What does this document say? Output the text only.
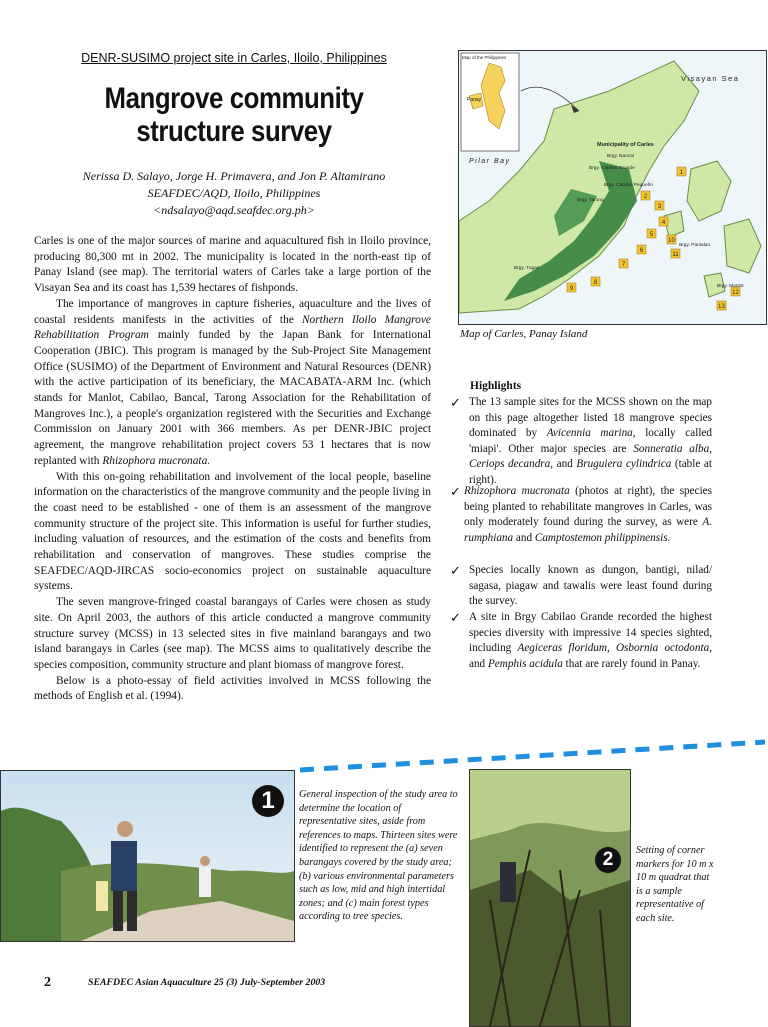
DENR-SUSIMO project site in Carles, Iloilo, Philippines
Mangrove community
structure survey
Nerissa D. Salayo, Jorge H. Primavera, and Jon P. Altamirano
SEAFDEC/AQD, Iloilo, Philippines
<ndsalayo@aqd.seafdec.org.ph>

Carles is one of the major sources of marine and aquacultured fish in Iloilo province, producing 80,300 mt in 2002. The municipality is located in the north-east tip of Panay Island (see map). The territorial waters of Carles take a large portion of the Visayan Sea and its coast has 1,539 hectares of fishponds.

The importance of mangroves in capture fisheries, aquaculture and the lives of coastal residents manifests in the activities of the Northern Iloilo Mangrove Rehabilitation Program mainly funded by the Japan Bank for International Cooperation (JBIC). This program is managed by the Sub-Project Site Management Office (SUSIMO) of the Department of Environment and Natural Resources (DENR) with the active participation of its beneficiary, the MACABATA-ARM Inc. (which stands for Manlot, Cabilao, Bancal, Tarong Association for the Rehabilitation of Mangroves Inc.), a people's organization registered with the Securities and Exchange Commission on January 2001 with 366 members. As per DENR-JBIC project agreement, the mangrove rehabilitation project covers 53 1 hectares that is now replanted with Rhizophora mucronata.

With this on-going rehabilitation and involvement of the local people, baseline information on the characteristics of the mangrove community and the people living in the coast need to be established - one of them is an assessment of the mangrove community structure of the project site. This information is useful for further studies, including valuation of resources, and the estimation of the costs and benefits from rehabilitation and conservation of mangroves. These studies comprise the SEAFDEC/AQD-JIRCAS socio-economics project on sustainable aquaculture systems.

The seven mangrove-fringed coastal barangays of Carles were chosen as study site. On April 2003, the authors of this article conducted a mangrove community structure survey (MCSS) in 13 selected sites in five mainland barangays and two island barangays in Carles (see map). The MCSS aims to qualitatively describe the species composition, community structure and plant biomass of mangrove forest.

Below is a photo-essay of field activities involved in MCSS following the methods of English et al. (1994).

1
2
3
4
5
6
7
8
9
10
11
12
13
Map of the Philippines
Panay
Visayan Sea
Pilar Bay
Municipality of Carles
Brgy. Bancal
Brgy. Cabilao Grande
Brgy. Tarong
Brgy. Cabilao Pequeño
Brgy. Tugas
Brgy. Pantalan
Brgy. Manlot
Map of Carles, Panay Island
Highlights
✓ The 13 sample sites for the MCSS shown on the map on this page altogether listed 18 mangrove species dominated by Avicennia marina, locally called 'miapi'. Other major species are Sonneratia alba, Ceriops decandra, and Bruguiera cylindrica (table at right).
✓ Rhizophora mucronata (photos at right), the species being planted to rehabilitate mangroves in Carles, was only moderately found during the survey, as were A. rumphiana and Camptostemon philippinensis.
✓ Species locally known as dungon, bantigi, nilad/ sagasa, piagaw and tawalis were least found during the survey.
✓ A site in Brgy Cabilao Grande recorded the highest species diversity with impressive 14 species sighted, including Aegiceras floridum, Osbornia octodonta, and Pemphis acidula that are rarely found in Panay.
1	General inspection of the study area to determine the location of representative sites, aside from references to maps. Thirteen sites were identified to represent the (a) seven barangays covered by the study area; (b) various environmental parameters such as low, mid and high intertidal zones; and (c) main forest types according to tree species.
2	Setting of corner markers for 10 m x 10 m quadrat that is a sample representative of each site.
2	SEAFDEC Asian Aquaculture 25 (3) July-September 2003
